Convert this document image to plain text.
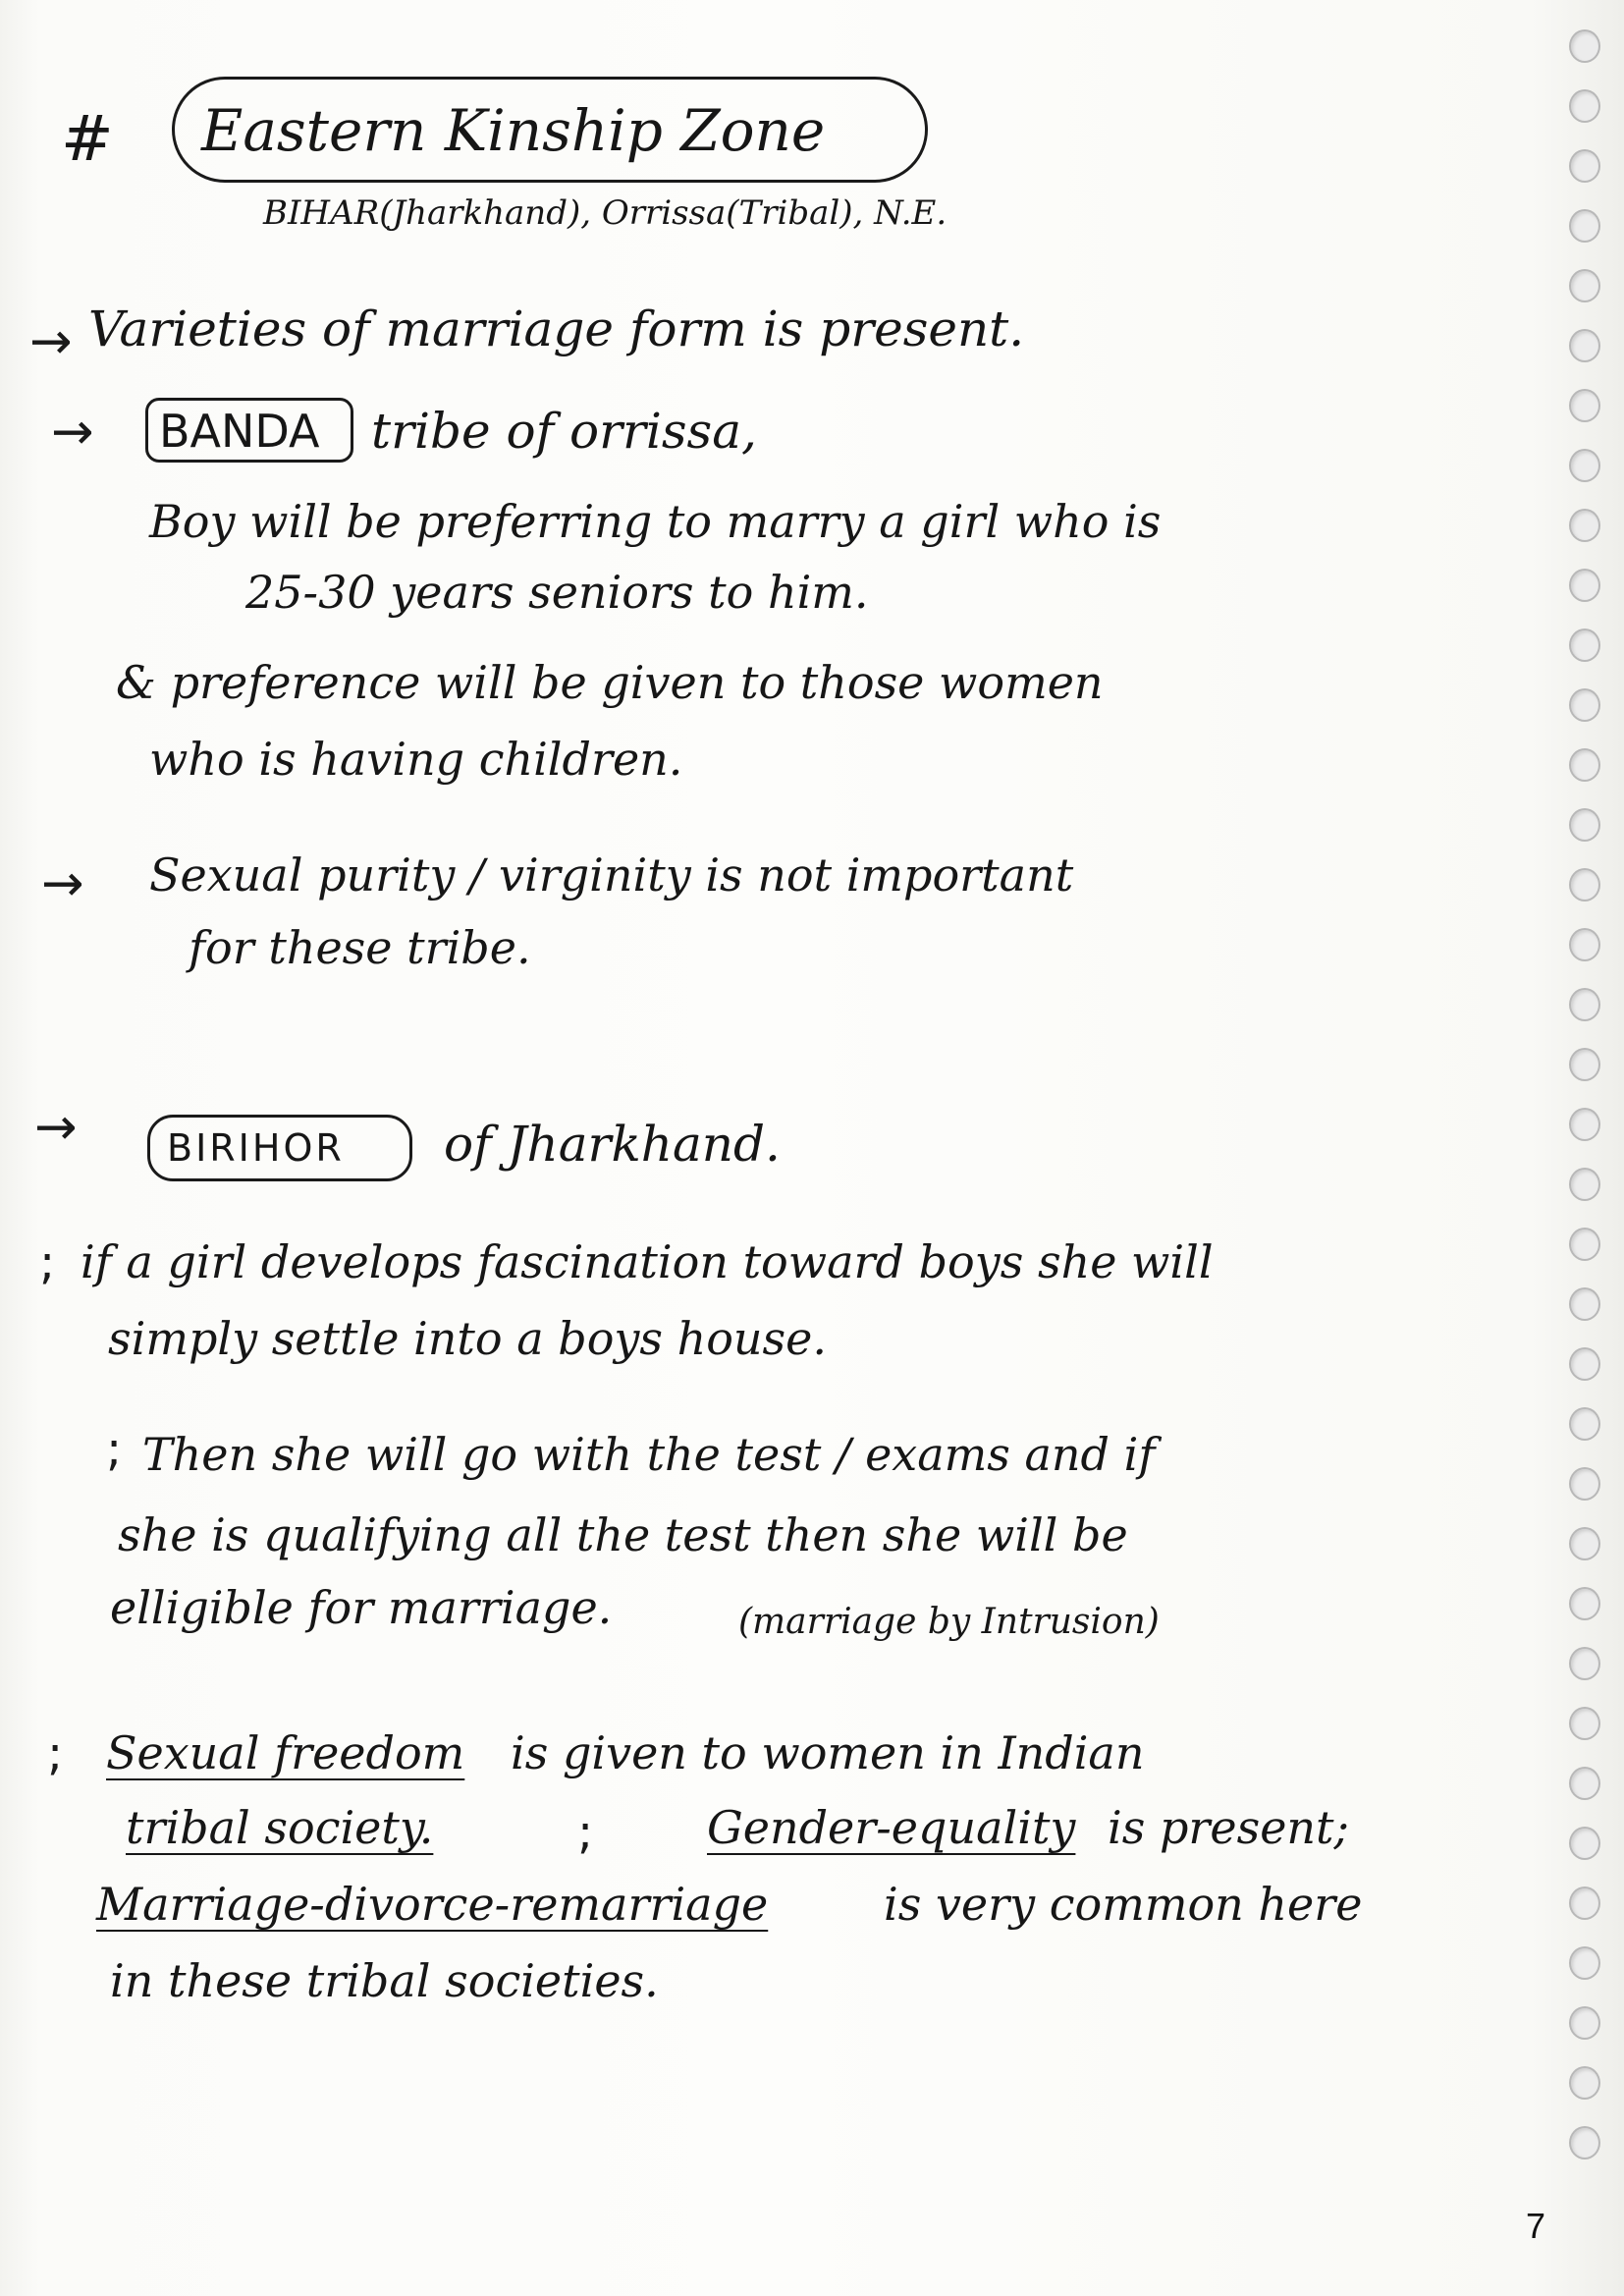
# Eastern Kinship Zone
BIHAR(Jharkhand), Orrissa(Tribal), N.E.
→ Varieties of marriage form is present.
→ BANDA tribe of orrissa,
Boy will be preferring to marry a girl who is
25-30 years seniors to him.
& preference will be given to those women
who is having children.
→ Sexual purity / virginity is not important
for these tribe.
→ BIRIHOR of Jharkhand.
; if a girl develops fascination toward boys she will
simply settle into a boys house.
; Then she will go with the test / exams and if
she is qualifying all the test then she will be
elligible for marriage.	(marriage by Intrusion)
; Sexual freedom is given to women in Indian
tribal society.	;	Gender-equality is present;
Marriage-divorce-remarriage	is very common here
in these tribal societies.
7
